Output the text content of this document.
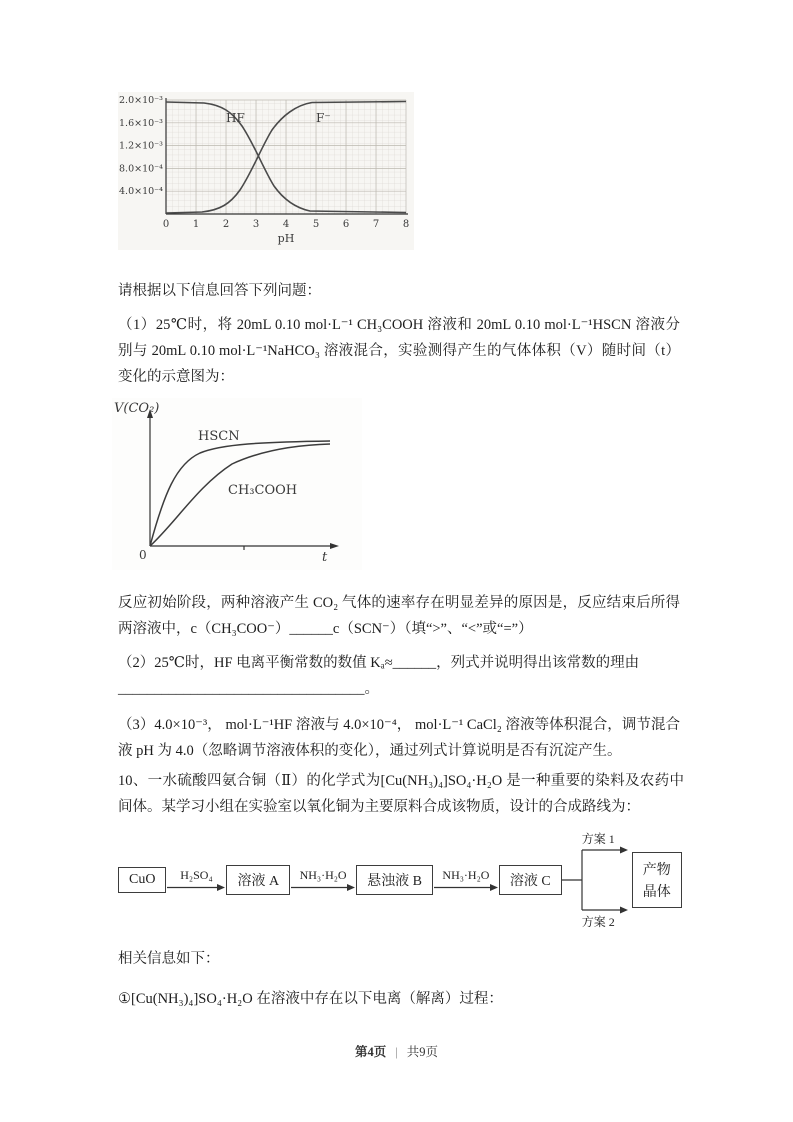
HF	F⁻
2.0×10⁻³
1.6×10⁻³
1.2×10⁻³
8.0×10⁻⁴
4.0×10⁻⁴
0 1 2 3 4 5 6 7 8
pH
请根据以下信息回答下列问题：
（1）25℃时，将 20mL 0.10 mol·L⁻¹ CH₃COOH 溶液和 20mL 0.10 mol·L⁻¹HSCN 溶液分别与 20mL 0.10 mol·L⁻¹NaHCO₃ 溶液混合，实验测得产生的气体体积（V）随时间（t）变化的示意图为：
V(CO₂)
HSCN
CH₃COOH
0	t
反应初始阶段，两种溶液产生 CO₂ 气体的速率存在明显差异的原因是，反应结束后所得两溶液中，c（CH₃COO⁻）______c（SCN⁻）（填“>”、“<”或“=”）
（2）25℃时，HF 电离平衡常数的数值 Kₐ≈______，列式并说明得出该常数的理由
__________________________________。
（3）4.0×10⁻³， mol·L⁻¹HF 溶液与 4.0×10⁻⁴， mol·L⁻¹ CaCl₂ 溶液等体积混合，调节混合液 pH 为 4.0（忽略调节溶液体积的变化），通过列式计算说明是否有沉淀产生。
10、一水硫酸四氨合铜（Ⅱ）的化学式为[Cu(NH₃)₄]SO₄·H₂O 是一种重要的染料及农药中间体。某学习小组在实验室以氧化铜为主要原料合成该物质，设计的合成路线为：
CuO	H₂SO₄	溶液 A	NH₃·H₂O	悬浊液 B	NH₃·H₂O	溶液 C
方案 1
方案 2
产物
晶体
相关信息如下：
①[Cu(NH₃)₄]SO₄·H₂O 在溶液中存在以下电离（解离）过程：
第4页 | 共9页
